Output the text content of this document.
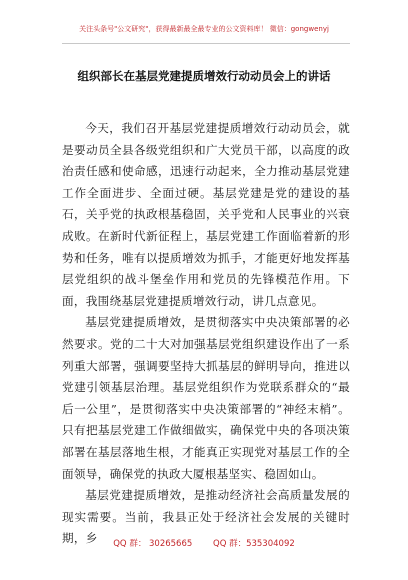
关注头条号"公文研究"，获得最新最全最专业的公文资料库！ 微信：gongwenyj
组织部长在基层党建提质增效行动动员会上的讲话

今天，我们召开基层党建提质增效行动动员会，就是要动员全县各级党组织和广大党员干部，以高度的政治责任感和使命感，迅速行动起来，全力推动基层党建工作全面进步、全面过硬。基层党建是党的建设的基石，关乎党的执政根基稳固，关乎党和人民事业的兴衰成败。在新时代新征程上，基层党建工作面临着新的形势和任务，唯有以提质增效为抓手，才能更好地发挥基层党组织的战斗堡垒作用和党员的先锋模范作用。下面，我围绕基层党建提质增效行动，讲几点意见。

基层党建提质增效，是贯彻落实中央决策部署的必然要求。党的二十大对加强基层党组织建设作出了一系列重大部署，强调要坚持大抓基层的鲜明导向，推进以党建引领基层治理。基层党组织作为党联系群众的“最后一公里”，是贯彻落实中央决策部署的“神经末梢”。只有把基层党建工作做细做实，确保党中央的各项决策部署在基层落地生根，才能真正实现党对基层工作的全面领导，确保党的执政大厦根基坚实、稳固如山。

基层党建提质增效，是推动经济社会高质量发展的现实需要。当前，我县正处于经济社会发展的关键时期，乡	QQ 群： 30265665 QQ 群：535304092
